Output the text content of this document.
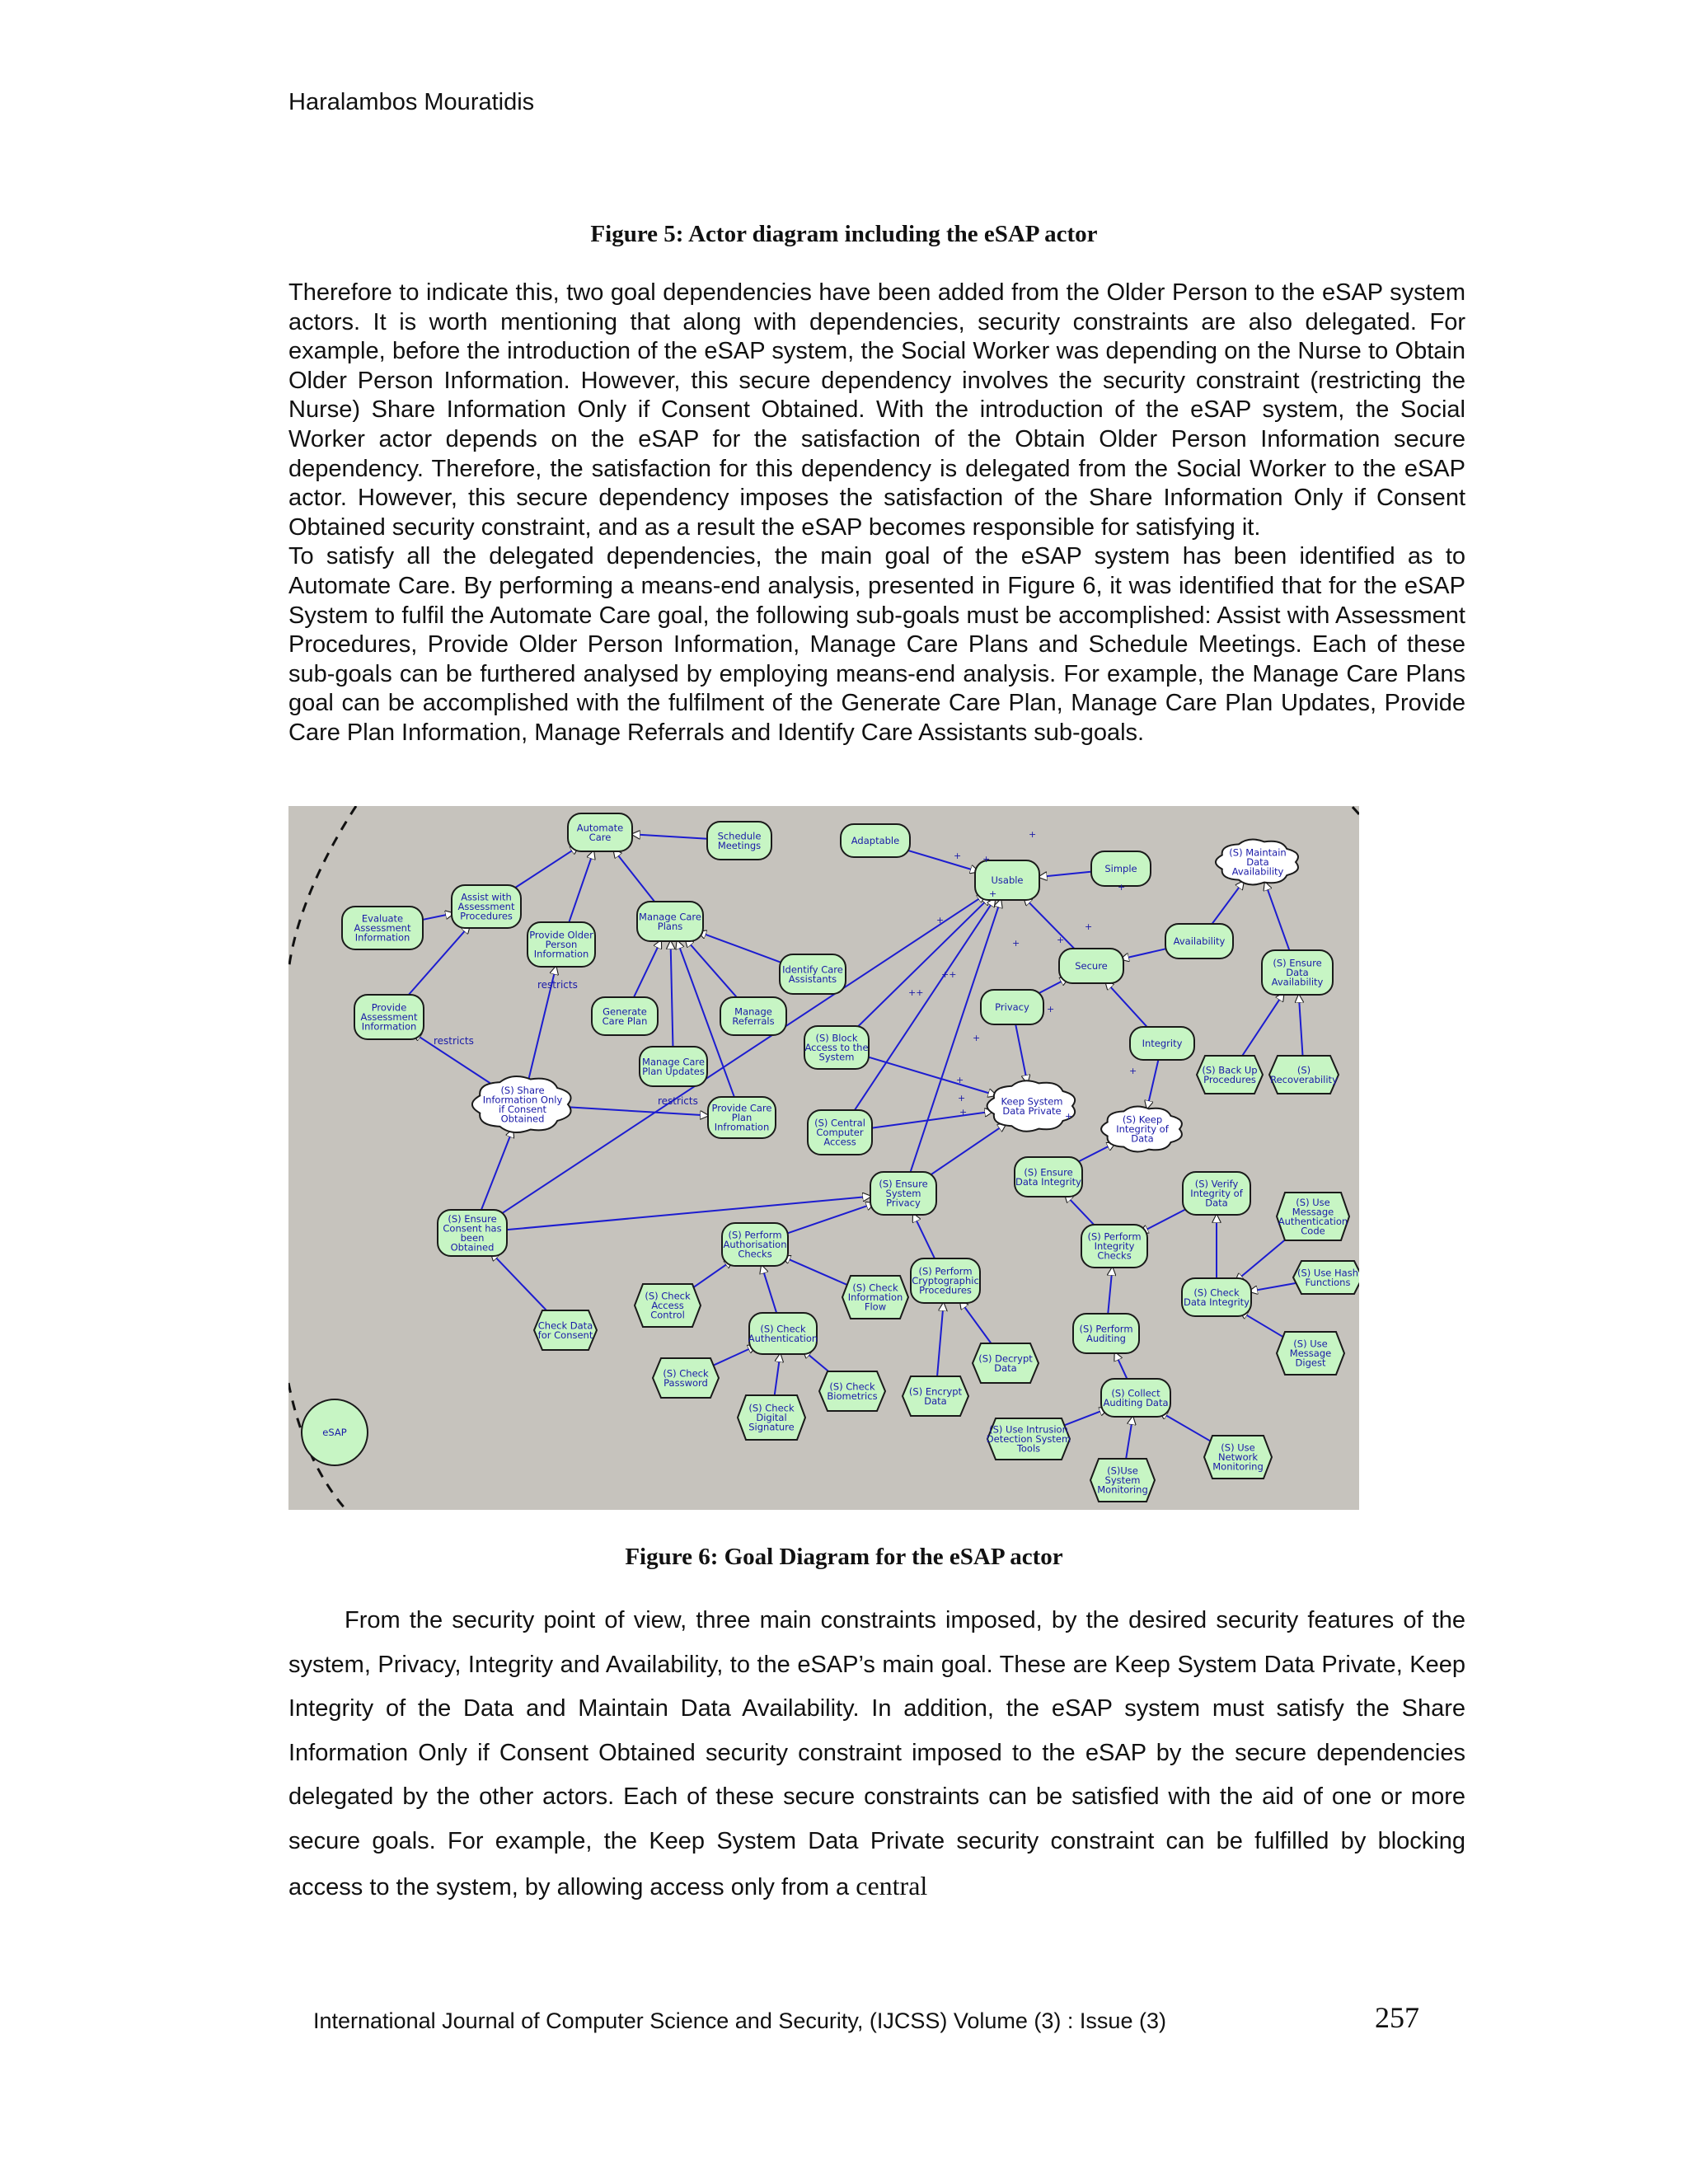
Haralambos Mouratidis
Figure 5: Actor diagram including the eSAP actor

Therefore to indicate this, two goal dependencies have been added from the Older Person to the eSAP system actors. It is worth mentioning that along with dependencies, security constraints are also delegated. For example, before the introduction of the eSAP system, the Social Worker was depending on the Nurse to Obtain Older Person Information. However, this secure dependency involves the security constraint (restricting the Nurse) Share Information Only if Consent Obtained. With the introduction of the eSAP system, the Social Worker actor depends on the eSAP for the satisfaction of the Obtain Older Person Information secure dependency. Therefore, the satisfaction for this dependency is delegated from the Social Worker to the eSAP actor. However, this secure dependency imposes the satisfaction of the Share Information Only if Consent Obtained security constraint, and as a result the eSAP becomes responsible for satisfying it.

To satisfy all the delegated dependencies, the main goal of the eSAP system has been identified as to Automate Care. By performing a means-end analysis, presented in Figure 6, it was identified that for the eSAP System to fulfil the Automate Care goal, the following sub-goals must be accomplished: Assist with Assessment Procedures, Provide Older Person Information, Manage Care Plans and Schedule Meetings. Each of these sub-goals can be furthered analysed by employing means-end analysis. For example, the Manage Care Plans goal can be accomplished with the fulfilment of the Generate Care Plan, Manage Care Plan Updates, Provide Care Plan Information, Manage Referrals and Identify Care Assistants sub-goals.

Automate
Care	Schedule
Meetings	Adaptable
Usable
Simple
(S) Maintain
Data
Availability
Evaluate
Assessment
Information
Assist with
Assessment
Procedures
Provide Older
Person
Information
Manage Care
Plans
Identify Care
Assistants
Availability
Secure	(S) Ensure
Data
Availability
Provide
Assessment
Information
Generate
Care Plan
Manage
Referrals
Privacy
(S) Block
Access to the
System
Integrity
Manage Care
Plan Updates	(S) Back Up
Procedures
(S)
Recoverability
(S) Share
Information Only
if Consent
Obtained
Provide Care
Plan
Infromation	(S) Central
Computer
Access
Keep System
Data Private
(S) Keep
Integrity of
Data
(S) Ensure
Data Integrity
(S) Ensure
System
Privacy
(S) Verify
Integrity of
Data	(S) Use
Message
Authentication
Code
(S) Ensure
Consent has
been
Obtained
(S) Perform
Authorisation
Checks
(S) Perform
Integrity
Checks
(S) Perform
Cryptographic
Procedures
(S) Check
Information
Flow
(S) Check
Access
Control
(S) Use Hash
Functions
(S) Check
Data Integrity
Check Data
for Consent
(S) Check
Authentication
(S) Perform
Auditing	(S) Use
Message
Digest
(S) Decrypt
Data
(S) Check
Password	(S) Check
Biometrics	(S) Encrypt
Data
(S) Collect
Auditing Data
(S) Check
Digital
Signature	(S) Use Intrusion
Detection System
Tools	(S) Use
Network
Monitoring
(S)Use
System
Monitoring
restricts
restricts
restricts
+
+ +
+
+
+
+
+
+
++
++
+
+
+
+
+	+
+
eSAP
Figure 6: Goal Diagram for the eSAP actor
From the security point of view, three main constraints imposed, by the desired security features of the system, Privacy, Integrity and Availability, to the eSAP’s main goal. These are Keep System Data Private, Keep Integrity of the Data and Maintain Data Availability. In addition, the eSAP system must satisfy the Share Information Only if Consent Obtained security constraint imposed to the eSAP by the secure dependencies delegated by the other actors. Each of these secure constraints can be satisfied with the aid of one or more secure goals. For example, the Keep System Data Private security constraint can be fulfilled by blocking access to the system, by allowing access only from a central
International Journal of Computer Science and Security, (IJCSS) Volume (3) : Issue (3)	257
